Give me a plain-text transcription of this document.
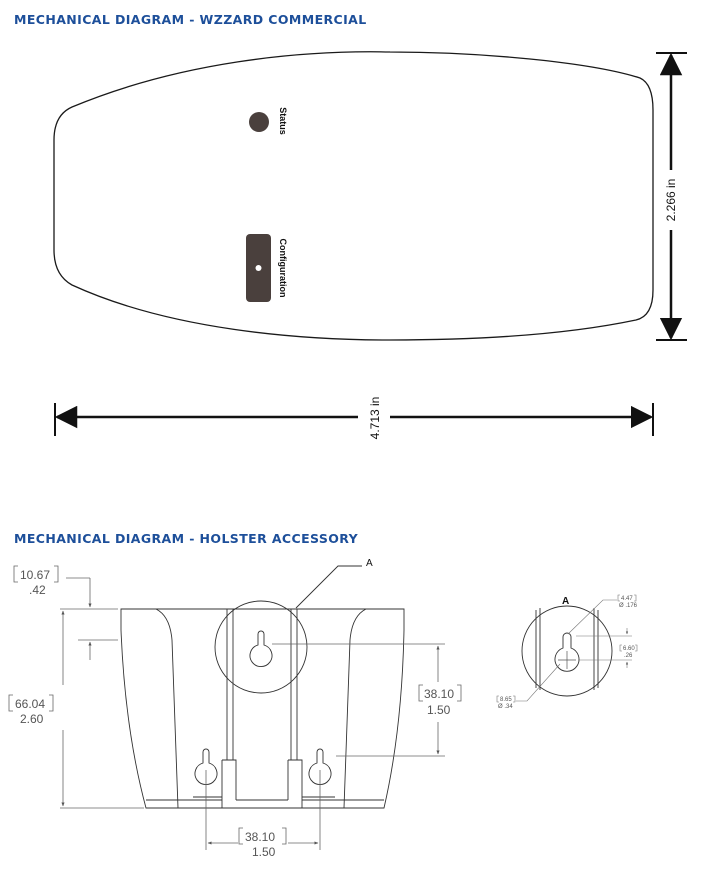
MECHANICAL DIAGRAM - WZZARD COMMERCIAL
MECHANICAL DIAGRAM - HOLSTER ACCESSORY
Status
Configuration
2.266 in
4.713 in
A
10.67
.42
66.04
2.60
38.10
1.50
38.10
1.50
A	4.47
Ø .176
6.60
.26
8.65
Ø .34
